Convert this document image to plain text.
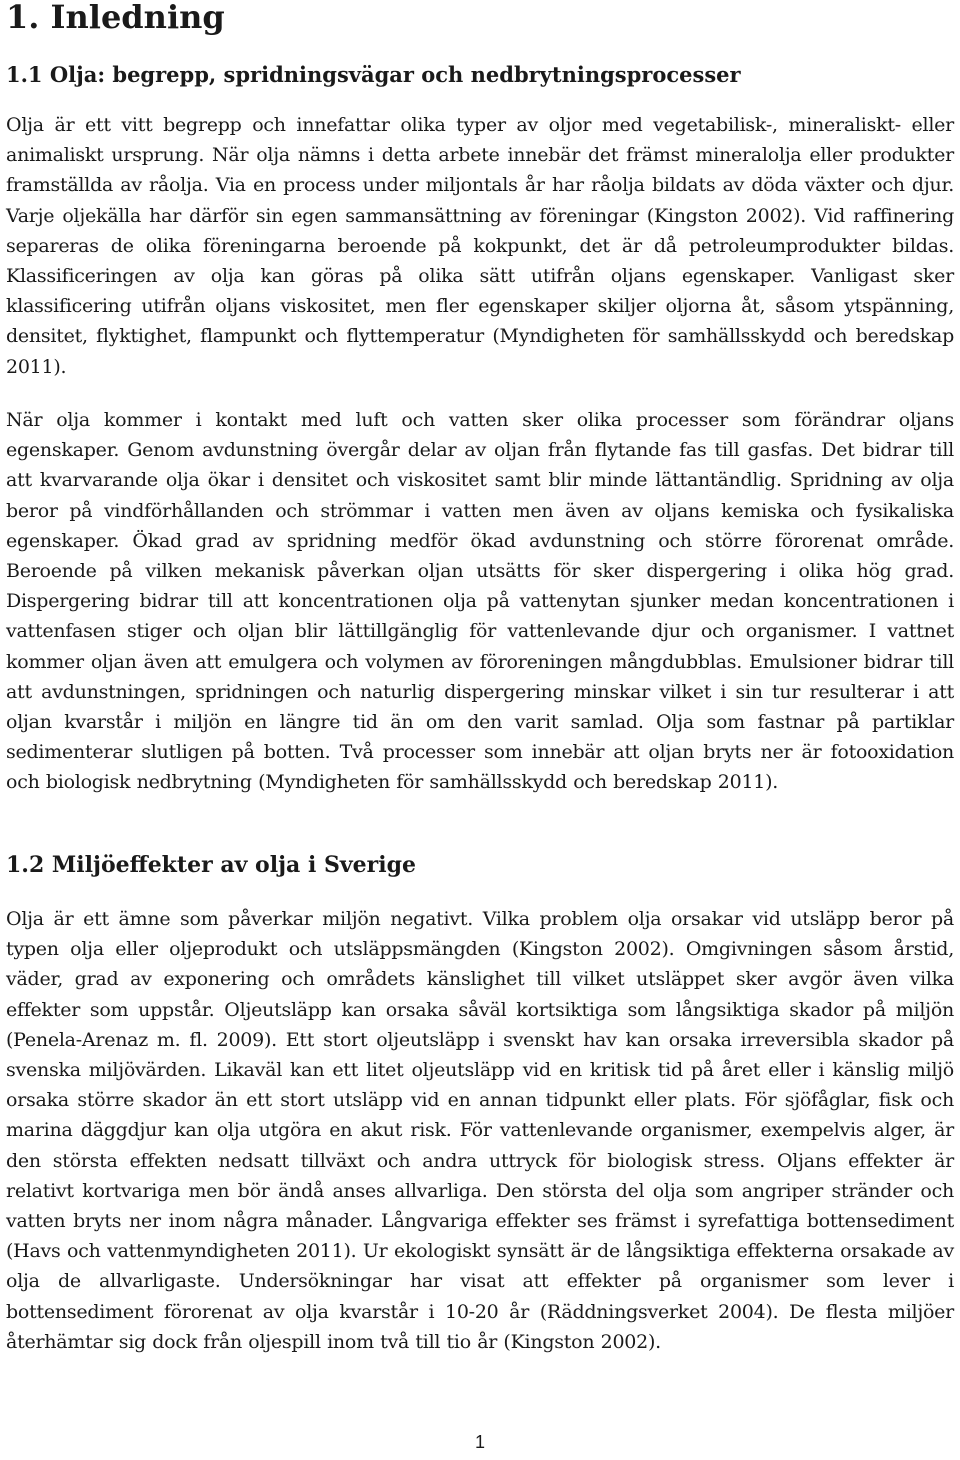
1. Inledning
1.1 Olja: begrepp, spridningsvägar och nedbrytningsprocesser

Olja är ett vitt begrepp och innefattar olika typer av oljor med vegetabilisk-, mineraliskt- eller animaliskt ursprung. När olja nämns i detta arbete innebär det främst mineralolja eller produkter framställda av råolja. Via en process under miljontals år har råolja bildats av döda växter och djur. Varje oljekälla har därför sin egen sammansättning av föreningar (Kingston 2002). Vid raffinering separeras de olika föreningarna beroende på kokpunkt, det är då petroleumprodukter bildas. Klassificeringen av olja kan göras på olika sätt utifrån oljans egenskaper. Vanligast sker klassificering utifrån oljans viskositet, men fler egenskaper skiljer oljorna åt, såsom ytspänning, densitet, flyktighet, flampunkt och flyttemperatur (Myndigheten för samhällsskydd och beredskap 2011).

När olja kommer i kontakt med luft och vatten sker olika processer som förändrar oljans egenskaper. Genom avdunstning övergår delar av oljan från flytande fas till gasfas. Det bidrar till att kvarvarande olja ökar i densitet och viskositet samt blir minde lättantändlig. Spridning av olja beror på vindförhållanden och strömmar i vatten men även av oljans kemiska och fysikaliska egenskaper. Ökad grad av spridning medför ökad avdunstning och större förorenat område. Beroende på vilken mekanisk påverkan oljan utsätts för sker dispergering i olika hög grad. Dispergering bidrar till att koncentrationen olja på vattenytan sjunker medan koncentrationen i vattenfasen stiger och oljan blir lättillgänglig för vattenlevande djur och organismer. I vattnet kommer oljan även att emulgera och volymen av föroreningen mångdubblas. Emulsioner bidrar till att avdunstningen, spridningen och naturlig dispergering minskar vilket i sin tur resulterar i att oljan kvarstår i miljön en längre tid än om den varit samlad. Olja som fastnar på partiklar sedimenterar slutligen på botten. Två processer som innebär att oljan bryts ner är fotooxidation och biologisk nedbrytning (Myndigheten för samhällsskydd och beredskap 2011).

1.2 Miljöeffekter av olja i Sverige

Olja är ett ämne som påverkar miljön negativt. Vilka problem olja orsakar vid utsläpp beror på typen olja eller oljeprodukt och utsläppsmängden (Kingston 2002). Omgivningen såsom årstid, väder, grad av exponering och områdets känslighet till vilket utsläppet sker avgör även vilka effekter som uppstår. Oljeutsläpp kan orsaka såväl kortsiktiga som långsiktiga skador på miljön (Penela-Arenaz m. fl. 2009). Ett stort oljeutsläpp i svenskt hav kan orsaka irreversibla skador på svenska miljövärden. Likaväl kan ett litet oljeutsläpp vid en kritisk tid på året eller i känslig miljö orsaka större skador än ett stort utsläpp vid en annan tidpunkt eller plats. För sjöfåglar, fisk och marina däggdjur kan olja utgöra en akut risk. För vattenlevande organismer, exempelvis alger, är den största effekten nedsatt tillväxt och andra uttryck för biologisk stress. Oljans effekter är relativt kortvariga men bör ändå anses allvarliga. Den största del olja som angriper stränder och vatten bryts ner inom några månader. Långvariga effekter ses främst i syrefattiga bottensediment (Havs och vattenmyndigheten 2011). Ur ekologiskt synsätt är de långsiktiga effekterna orsakade av olja de allvarligaste. Undersökningar har visat att effekter på organismer som lever i bottensediment förorenat av olja kvarstår i 10-20 år (Räddningsverket 2004). De flesta miljöer återhämtar sig dock från oljespill inom två till tio år (Kingston 2002).

1
